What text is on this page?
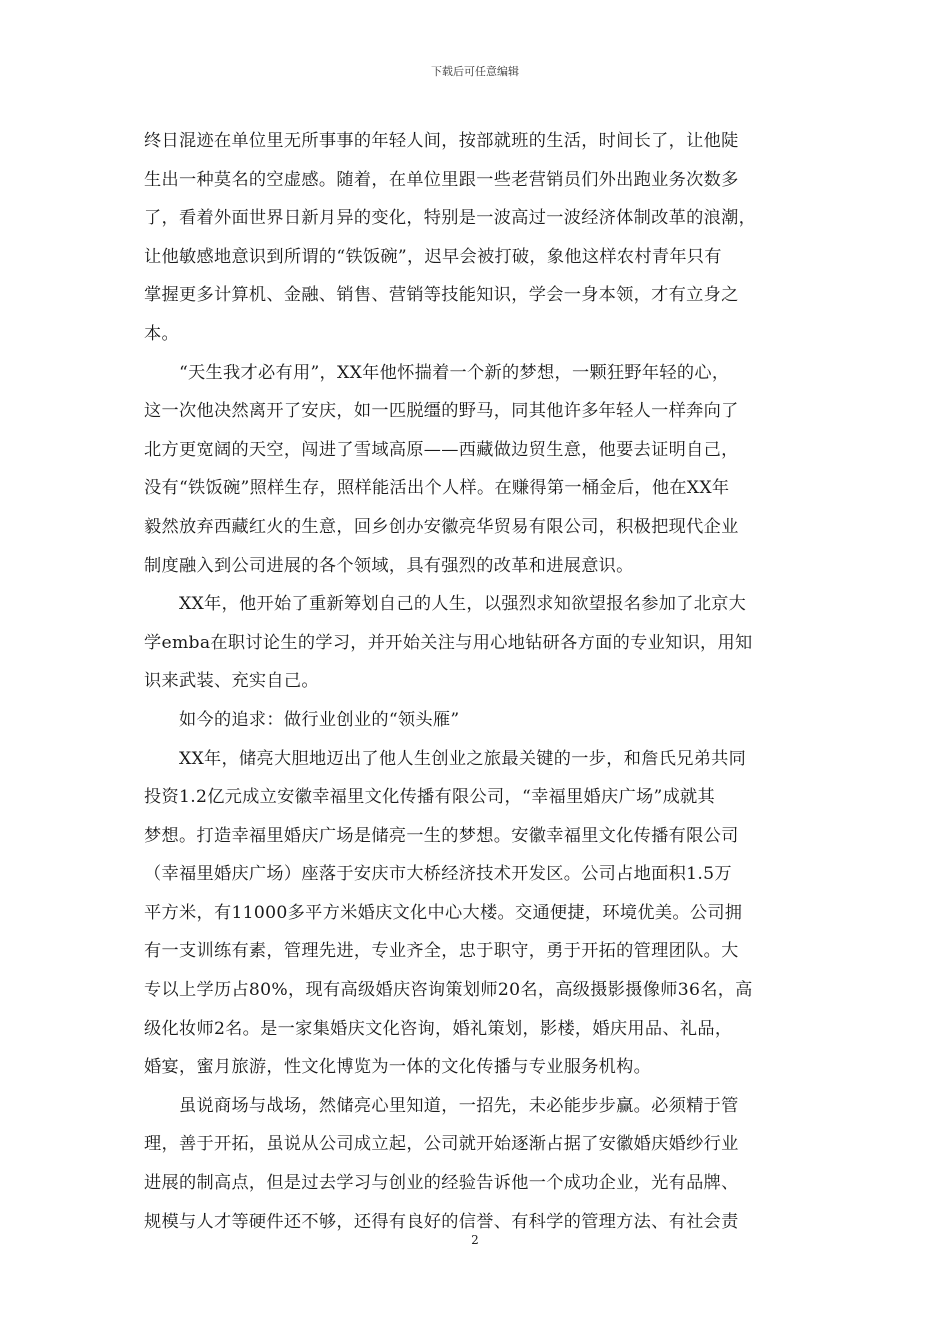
下载后可任意编辑

终日混迹在单位里无所事事的年轻人间，按部就班的生活，时间长了，让他陡
生出一种莫名的空虚感。随着，在单位里跟一些老营销员们外出跑业务次数多
了，看着外面世界日新月异的变化，特别是一波高过一波经济体制改革的浪潮，
让他敏感地意识到所谓的“铁饭碗”，迟早会被打破，象他这样农村青年只有
掌握更多计算机、金融、销售、营销等技能知识，学会一身本领，才有立身之
本。

　　“天生我才必有用”，XX年他怀揣着一个新的梦想，一颗狂野年轻的心，
这一次他决然离开了安庆，如一匹脱缰的野马，同其他许多年轻人一样奔向了
北方更宽阔的天空，闯进了雪域高原——西藏做边贸生意，他要去证明自己，
没有“铁饭碗”照样生存，照样能活出个人样。在赚得第一桶金后，他在XX年
毅然放弃西藏红火的生意，回乡创办安徽亮华贸易有限公司，积极把现代企业
制度融入到公司进展的各个领域，具有强烈的改革和进展意识。

　　XX年，他开始了重新筹划自己的人生，以强烈求知欲望报名参加了北京大
学emba在职讨论生的学习，并开始关注与用心地钻研各方面的专业知识，用知
识来武装、充实自己。

　　如今的追求：做行业创业的“领头雁”

　　XX年，储亮大胆地迈出了他人生创业之旅最关键的一步，和詹氏兄弟共同
投资1.2亿元成立安徽幸福里文化传播有限公司，“幸福里婚庆广场”成就其
梦想。打造幸福里婚庆广场是储亮一生的梦想。安徽幸福里文化传播有限公司
（幸福里婚庆广场）座落于安庆市大桥经济技术开发区。公司占地面积1.5万
平方米，有11000多平方米婚庆文化中心大楼。交通便捷，环境优美。公司拥
有一支训练有素，管理先进，专业齐全，忠于职守，勇于开拓的管理团队。大
专以上学历占80%，现有高级婚庆咨询策划师20名，高级摄影摄像师36名，高
级化妆师2名。是一家集婚庆文化咨询，婚礼策划，影楼，婚庆用品、礼品，
婚宴，蜜月旅游，性文化博览为一体的文化传播与专业服务机构。

　　虽说商场与战场，然储亮心里知道，一招先，未必能步步赢。必须精于管
理，善于开拓，虽说从公司成立起，公司就开始逐渐占据了安徽婚庆婚纱行业
进展的制高点，但是过去学习与创业的经验告诉他一个成功企业，光有品牌、
规模与人才等硬件还不够，还得有良好的信誉、有科学的管理方法、有社会责

2
